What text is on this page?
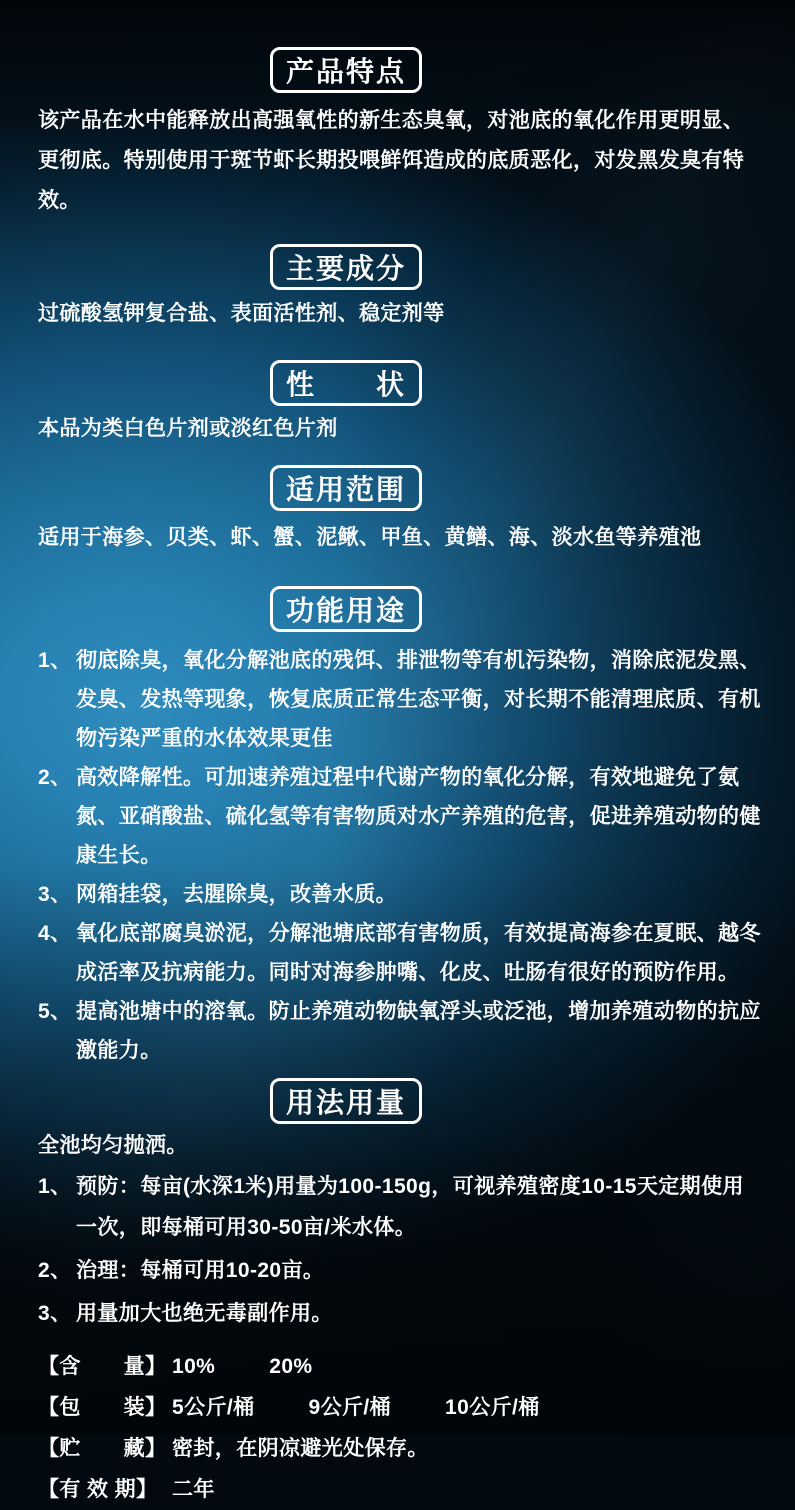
产品特点

该产品在水中能释放出高强氧性的新生态臭氧，对池底的氧化作用更明显、更彻底。特别使用于斑节虾长期投喂鲜饵造成的底质恶化，对发黑发臭有特效。

主要成分

过硫酸氢钾复合盐、表面活性剂、稳定剂等

性　　状

本品为类白色片剂或淡红色片剂

适用范围

适用于海参、贝类、虾、蟹、泥鳅、甲鱼、黄鳝、海、淡水鱼等养殖池

功能用途
1、 彻底除臭，氧化分解池底的残饵、排泄物等有机污染物，消除底泥发黑、发臭、发热等现象，恢复底质正常生态平衡，对长期不能清理底质、有机物污染严重的水体效果更佳
2、 高效降解性。可加速养殖过程中代谢产物的氧化分解，有效地避免了氨氮、亚硝酸盐、硫化氢等有害物质对水产养殖的危害，促进养殖动物的健康生长。
3、 网箱挂袋，去腥除臭，改善水质。
4、 氧化底部腐臭淤泥，分解池塘底部有害物质，有效提高海参在夏眠、越冬成活率及抗病能力。同时对海参肿嘴、化皮、吐肠有很好的预防作用。
5、 提高池塘中的溶氧。防止养殖动物缺氧浮头或泛池，增加养殖动物的抗应激能力。
用法用量

全池均匀抛洒。

1、 预防：每亩(水深1米)用量为100-150g，可视养殖密度10-15天定期使用一次，即每桶可用30-50亩/米水体。
2、 治理：每桶可用10-20亩。
3、 用量加大也绝无毒副作用。
【含　　量】 10%	20%
【包　　装】 5公斤/桶	9公斤/桶	10公斤/桶
【贮　　藏】 密封，在阴凉避光处保存。
【有 效 期】 二年
